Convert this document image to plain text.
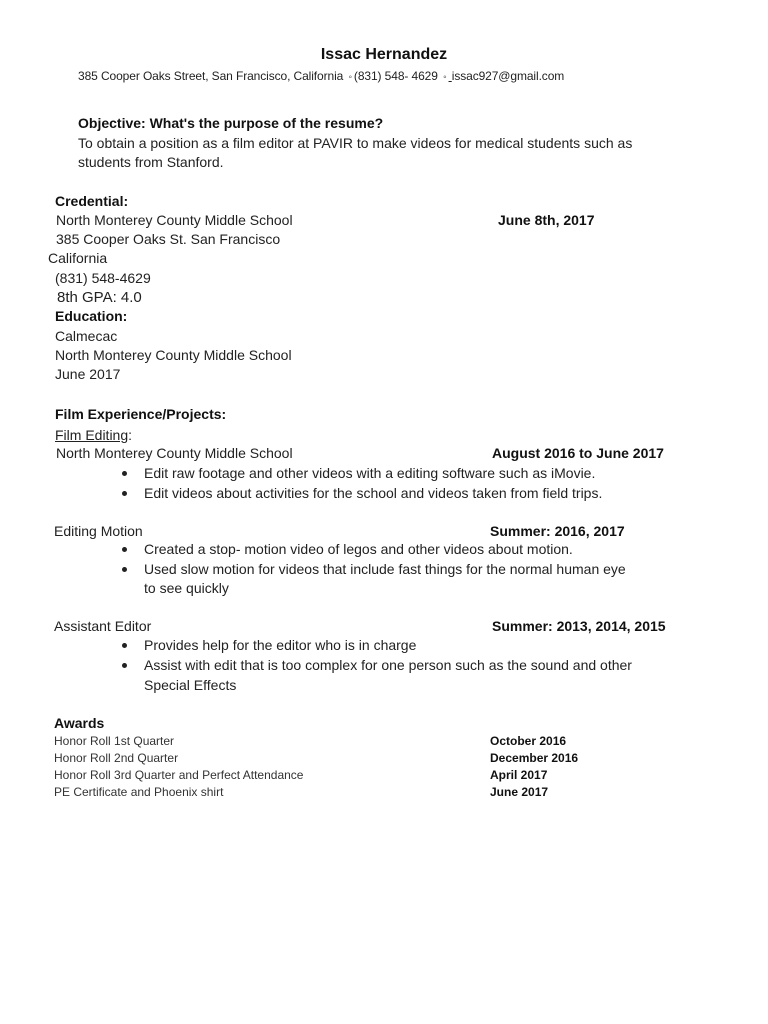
Issac Hernandez
385 Cooper Oaks Street, San Francisco, California ◦ (831) 548- 4629 ◦ issac927@gmail.com
Objective: What's the purpose of the resume?
To obtain a position as a film editor at PAVIR to make videos for medical students such as
students from Stanford.
Credential:
North Monterey County Middle School	June 8th, 2017
385 Cooper Oaks St. San Francisco
California
(831) 548-4629
8th GPA: 4.0
Education:
Calmecac
North Monterey County Middle School
June 2017
Film Experience/Projects:
Film Editing:
North Monterey County Middle School	August 2016 to June 2017
Edit raw footage and other videos with a editing software such as iMovie.
Edit videos about activities for the school and videos taken from field trips.
Editing Motion	Summer: 2016, 2017
Created a stop- motion video of legos and other videos about motion.
Used slow motion for videos that include fast things for the normal human eye
to see quickly
Assistant Editor	Summer: 2013, 2014, 2015
Provides help for the editor who is in charge
Assist with edit that is too complex for one person such as the sound and other
Special Effects
Awards
Honor Roll 1st Quarter	October 2016
Honor Roll 2nd Quarter	December 2016
Honor Roll 3rd Quarter and Perfect Attendance	April 2017
PE Certificate and Phoenix shirt	June 2017
